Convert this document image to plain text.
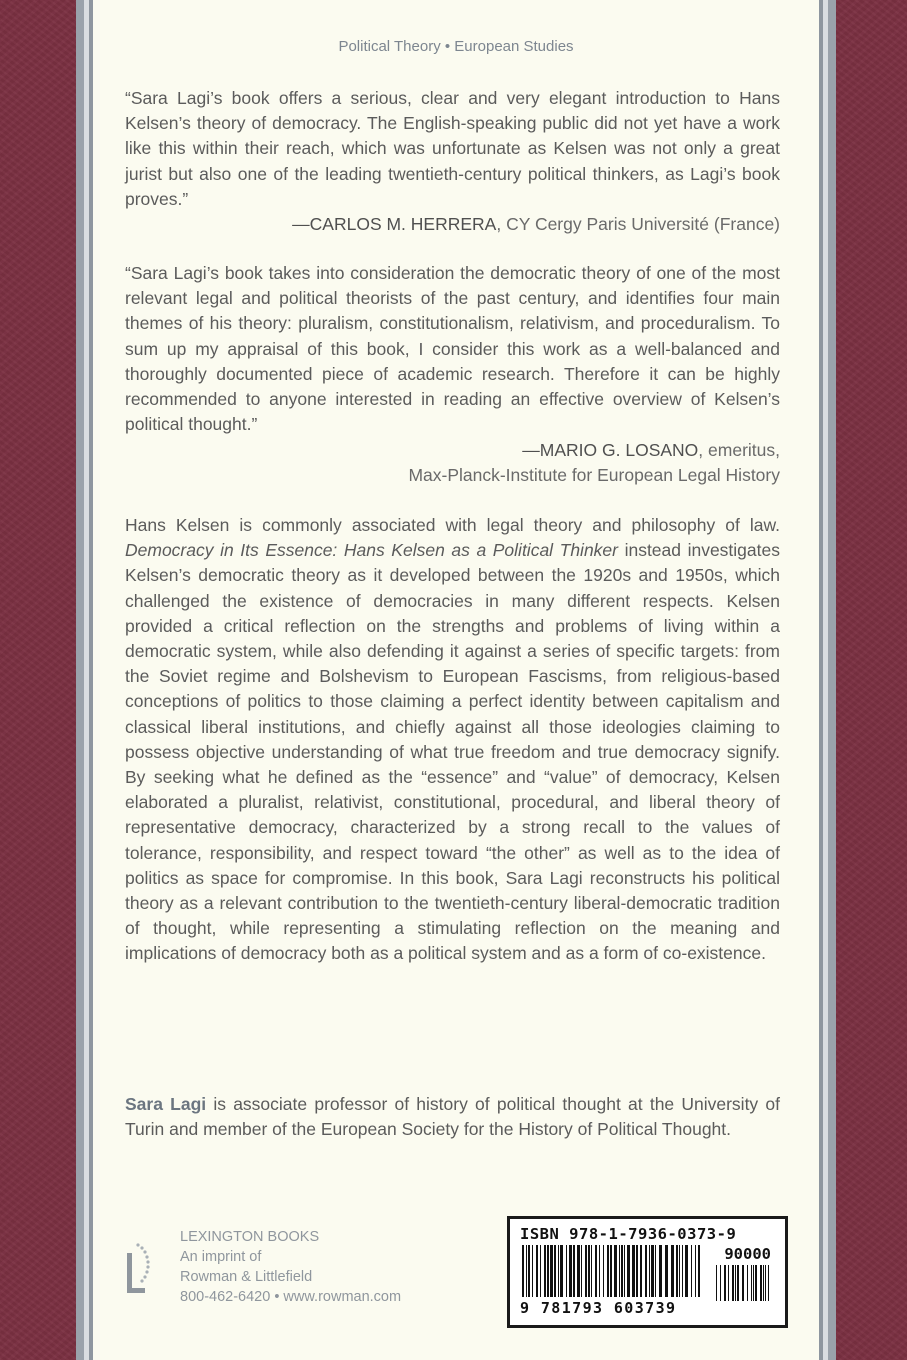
Political Theory • European Studies

“Sara Lagi’s book offers a serious, clear and very elegant introduction to Hans Kelsen’s theory of democracy. The English-speaking public did not yet have a work like this within their reach, which was unfortunate as Kelsen was not only a great jurist but also one of the leading twentieth-century political thinkers, as Lagi’s book proves.”

—CARLOS M. HERRERA, CY Cergy Paris Université (France)

“Sara Lagi’s book takes into consideration the democratic theory of one of the most relevant legal and political theorists of the past century, and identifies four main themes of his theory: pluralism, constitutionalism, relativism, and proceduralism. To sum up my appraisal of this book, I consider this work as a well-balanced and thoroughly documented piece of academic research. Therefore it can be highly recommended to anyone interested in reading an effective overview of Kelsen’s political thought.”

—MARIO G. LOSANO, emeritus,
Max-Planck-Institute for European Legal History

Hans Kelsen is commonly associated with legal theory and philosophy of law. Democracy in Its Essence: Hans Kelsen as a Political Thinker instead investigates Kelsen’s democratic theory as it developed between the 1920s and 1950s, which challenged the existence of democracies in many different respects. Kelsen provided a critical reflection on the strengths and problems of living within a democratic system, while also defending it against a series of specific targets: from the Soviet regime and Bolshevism to European Fascisms, from religious-based conceptions of politics to those claiming a perfect identity between capitalism and classical liberal institutions, and chiefly against all those ideologies claiming to possess objective understanding of what true freedom and true democracy signify. By seeking what he defined as the “essence” and “value” of democracy, Kelsen elaborated a pluralist, relativist, constitutional, procedural, and liberal theory of representative democracy, characterized by a strong recall to the values of tolerance, responsibility, and respect toward “the other” as well as to the idea of politics as space for compromise. In this book, Sara Lagi reconstructs his political theory as a relevant contribution to the twentieth-century liberal-democratic tradition of thought, while representing a stimulating reflection on the meaning and implications of democracy both as a political system and as a form of co-existence.

Sara Lagi is associate professor of history of political thought at the University of Turin and member of the European Society for the History of Political Thought.

LEXINGTON BOOKS
An imprint of
Rowman & Littlefield
800-462-6420 • www.rowman.com
ISBN 978-1-7936-0373-9
90000
9 781793 603739
